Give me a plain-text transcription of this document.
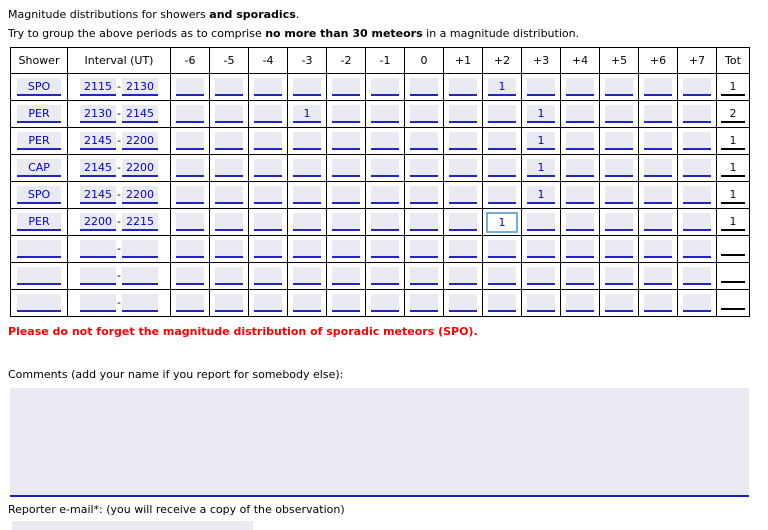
Magnitude distributions for showers and sporadics.

Try to group the above periods as to comprise no more than 30 meteors in a magnitude distribution.

Shower	Interval (UT)	-6	-5	-4	-3	-2	-1	0	+1	+2	+3	+4	+5	+6	+7	Tot
SPO	2115-2130									1						1
PER	2130-2145				1						1					2
PER	2145-2200										1					1
CAP	2145-2200										1					1
SPO	2145-2200										1					1
PER	2200-2215									1						1
	-															
	-															
	-															

Please do not forget the magnitude distribution of sporadic meteors (SPO).

Comments (add your name if you report for somebody else):

Reporter e-mail*: (you will receive a copy of the observation)
